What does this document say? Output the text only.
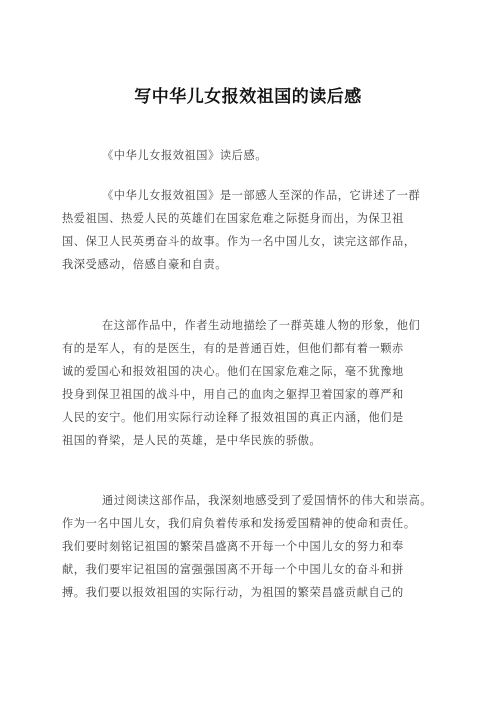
写中华儿女报效祖国的读后感
《中华儿女报效祖国》读后感。
《中华儿女报效祖国》是一部感人至深的作品，它讲述了一群
热爱祖国、热爱人民的英雄们在国家危难之际挺身而出，为保卫祖
国、保卫人民英勇奋斗的故事。作为一名中国儿女，读完这部作品，
我深受感动，倍感自豪和自责。
在这部作品中，作者生动地描绘了一群英雄人物的形象，他们
有的是军人，有的是医生，有的是普通百姓，但他们都有着一颗赤
诚的爱国心和报效祖国的决心。他们在国家危难之际，毫不犹豫地
投身到保卫祖国的战斗中，用自己的血肉之躯捍卫着国家的尊严和
人民的安宁。他们用实际行动诠释了报效祖国的真正内涵，他们是
祖国的脊梁，是人民的英雄，是中华民族的骄傲。
通过阅读这部作品，我深刻地感受到了爱国情怀的伟大和崇高。
作为一名中国儿女，我们肩负着传承和发扬爱国精神的使命和责任。
我们要时刻铭记祖国的繁荣昌盛离不开每一个中国儿女的努力和奉
献，我们要牢记祖国的富强强国离不开每一个中国儿女的奋斗和拼
搏。我们要以报效祖国的实际行动，为祖国的繁荣昌盛贡献自己的
